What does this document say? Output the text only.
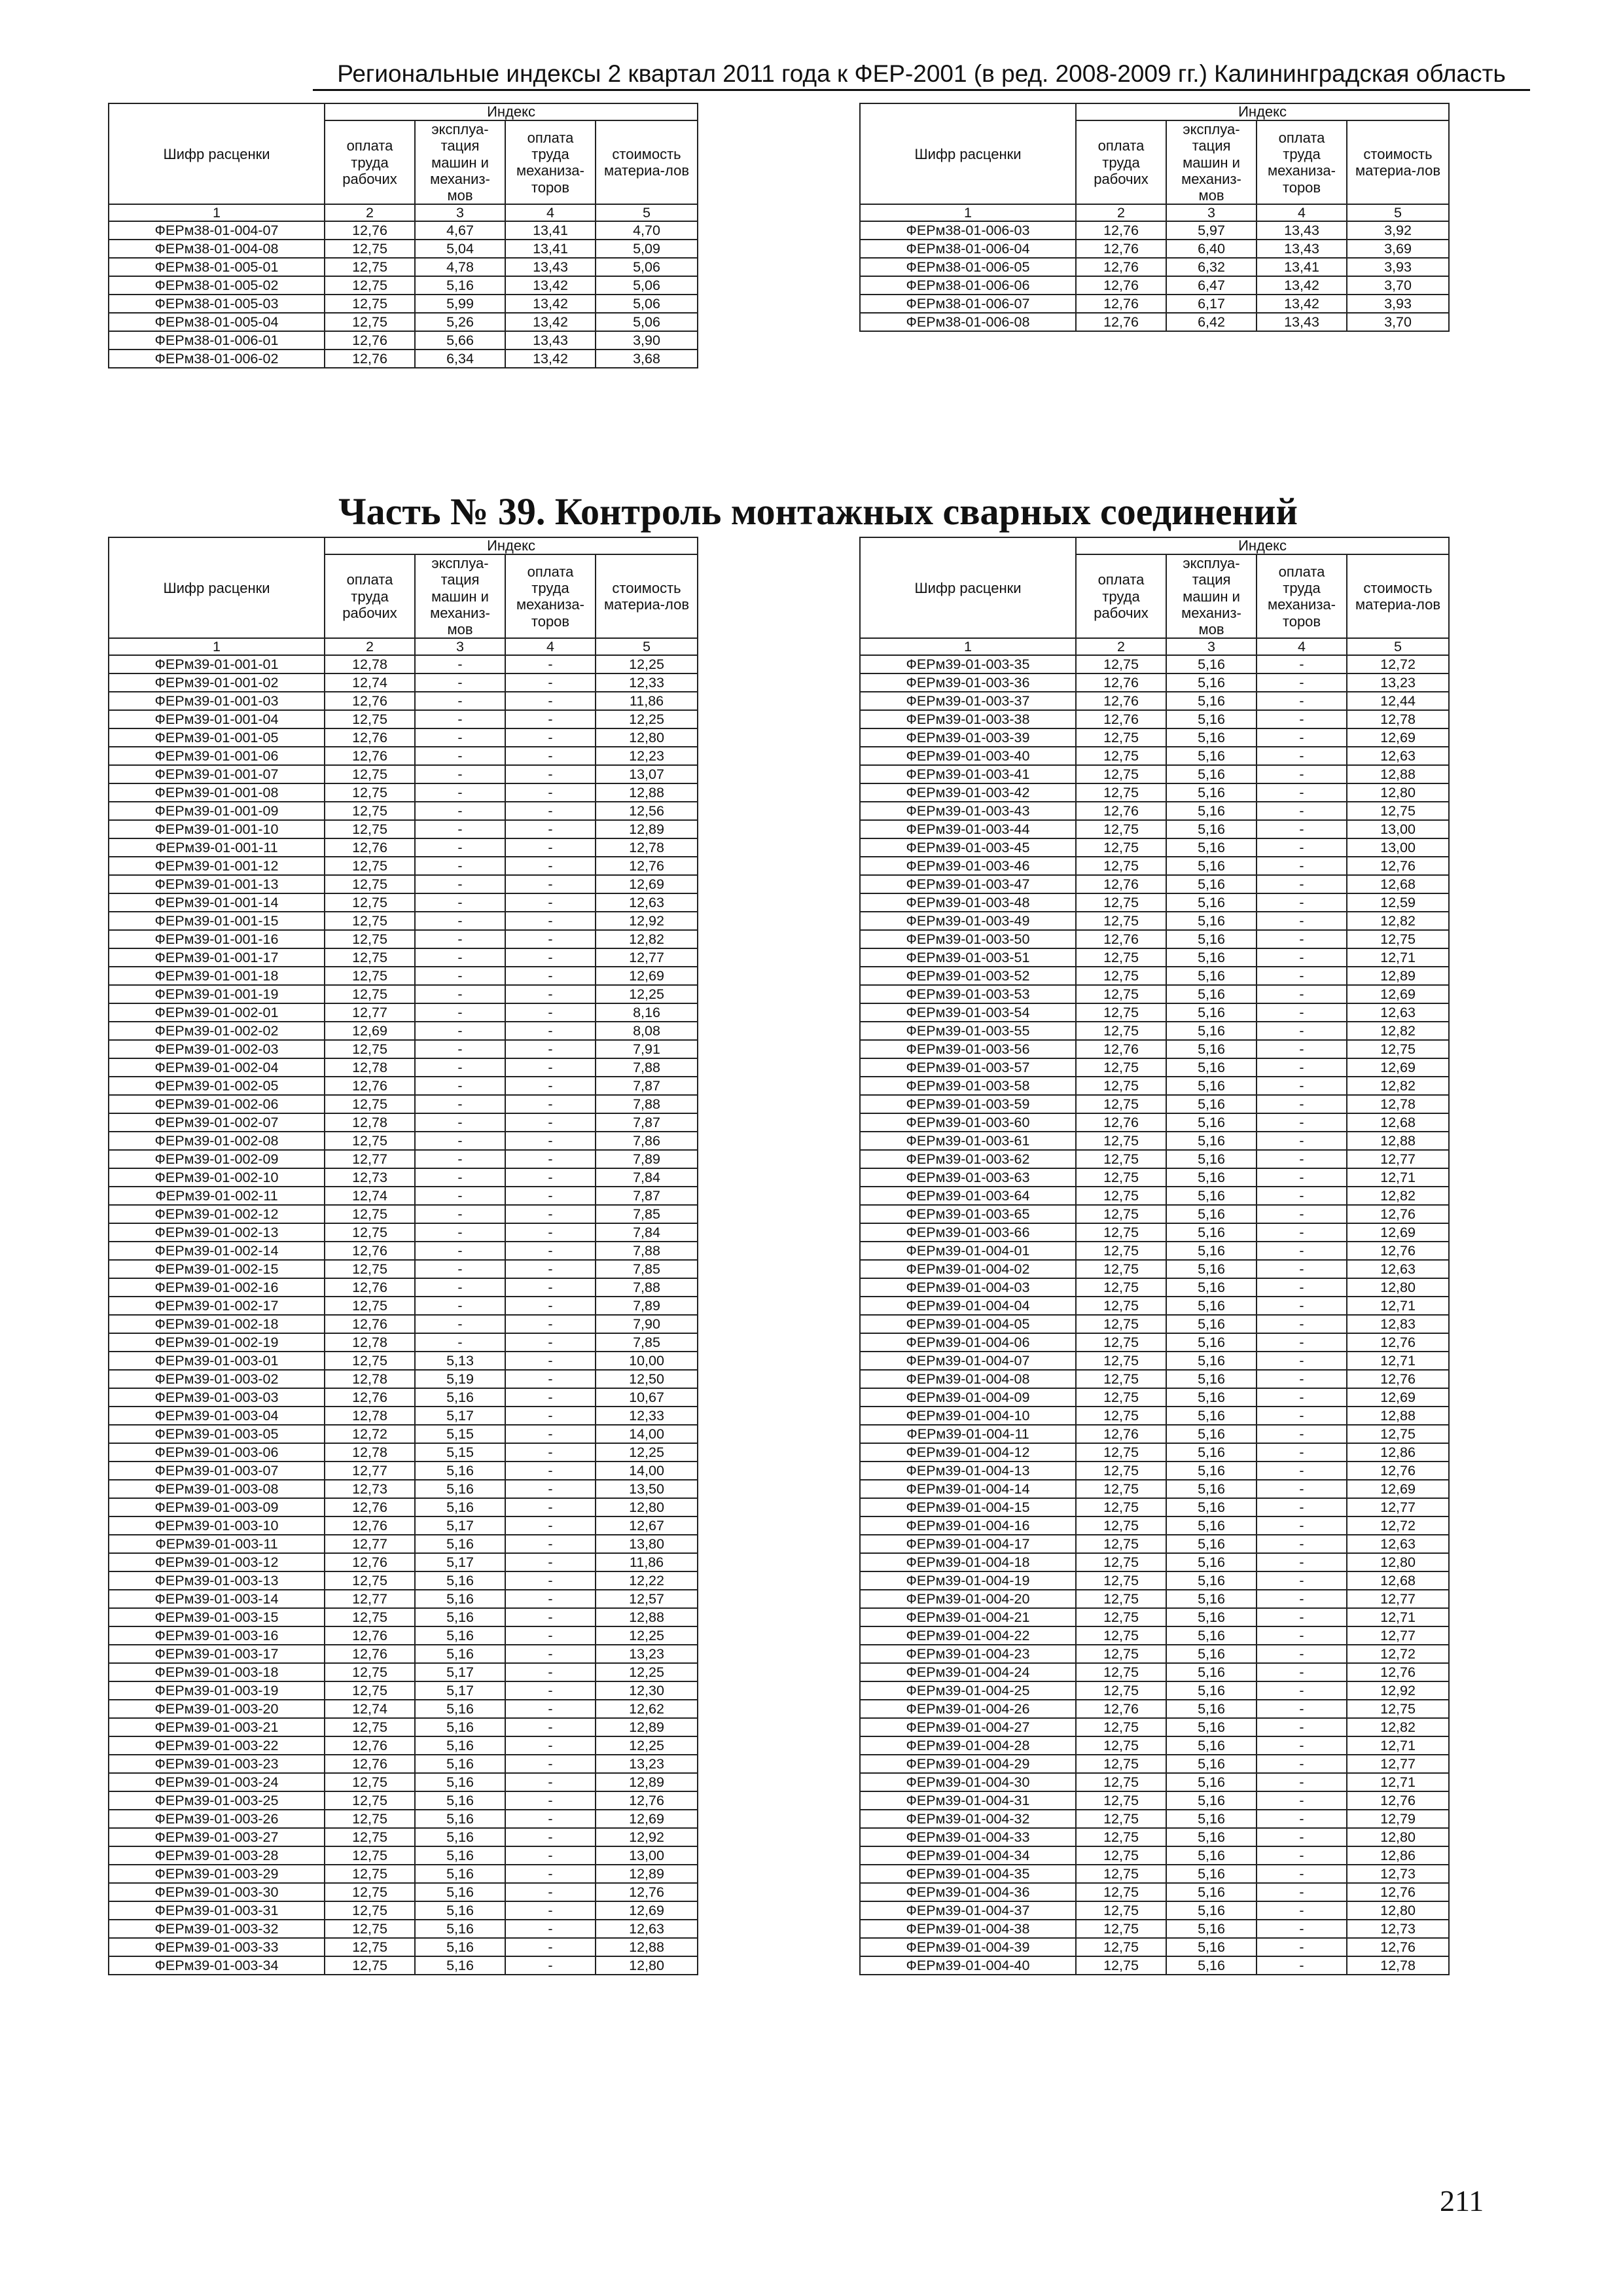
Региональные индексы 2 квартал 2011 года к ФЕР-2001 (в ред. 2008-2009 гг.) Калининградская область
Шифр расценки	Индекс			
	оплата труда рабочих	эксплуа-тация машин и механиз-мов	оплата труда механиза-торов	стоимость материа-лов
1	2	3	4	5
ФЕРм38-01-004-07	12,76	4,67	13,41	4,70
ФЕРм38-01-004-08	12,75	5,04	13,41	5,09
ФЕРм38-01-005-01	12,75	4,78	13,43	5,06
ФЕРм38-01-005-02	12,75	5,16	13,42	5,06
ФЕРм38-01-005-03	12,75	5,99	13,42	5,06
ФЕРм38-01-005-04	12,75	5,26	13,42	5,06
ФЕРм38-01-006-01	12,76	5,66	13,43	3,90
ФЕРм38-01-006-02	12,76	6,34	13,42	3,68
Шифр расценки	Индекс			
	оплата труда рабочих	эксплуа-тация машин и механиз-мов	оплата труда механиза-торов	стоимость материа-лов
1	2	3	4	5
ФЕРм38-01-006-03	12,76	5,97	13,43	3,92
ФЕРм38-01-006-04	12,76	6,40	13,43	3,69
ФЕРм38-01-006-05	12,76	6,32	13,41	3,93
ФЕРм38-01-006-06	12,76	6,47	13,42	3,70
ФЕРм38-01-006-07	12,76	6,17	13,42	3,93
ФЕРм38-01-006-08	12,76	6,42	13,43	3,70
Часть № 39. Контроль монтажных сварных соединений
Шифр расценки	Индекс			
	оплата труда рабочих	эксплуа-тация машин и механиз-мов	оплата труда механиза-торов	стоимость материа-лов
1	2	3	4	5
ФЕРм39-01-001-01	12,78	-	-	12,25
ФЕРм39-01-001-02	12,74	-	-	12,33
ФЕРм39-01-001-03	12,76	-	-	11,86
ФЕРм39-01-001-04	12,75	-	-	12,25
ФЕРм39-01-001-05	12,76	-	-	12,80
ФЕРм39-01-001-06	12,76	-	-	12,23
ФЕРм39-01-001-07	12,75	-	-	13,07
ФЕРм39-01-001-08	12,75	-	-	12,88
ФЕРм39-01-001-09	12,75	-	-	12,56
ФЕРм39-01-001-10	12,75	-	-	12,89
ФЕРм39-01-001-11	12,76	-	-	12,78
ФЕРм39-01-001-12	12,75	-	-	12,76
ФЕРм39-01-001-13	12,75	-	-	12,69
ФЕРм39-01-001-14	12,75	-	-	12,63
ФЕРм39-01-001-15	12,75	-	-	12,92
ФЕРм39-01-001-16	12,75	-	-	12,82
ФЕРм39-01-001-17	12,75	-	-	12,77
ФЕРм39-01-001-18	12,75	-	-	12,69
ФЕРм39-01-001-19	12,75	-	-	12,25
ФЕРм39-01-002-01	12,77	-	-	8,16
ФЕРм39-01-002-02	12,69	-	-	8,08
ФЕРм39-01-002-03	12,75	-	-	7,91
ФЕРм39-01-002-04	12,78	-	-	7,88
ФЕРм39-01-002-05	12,76	-	-	7,87
ФЕРм39-01-002-06	12,75	-	-	7,88
ФЕРм39-01-002-07	12,78	-	-	7,87
ФЕРм39-01-002-08	12,75	-	-	7,86
ФЕРм39-01-002-09	12,77	-	-	7,89
ФЕРм39-01-002-10	12,73	-	-	7,84
ФЕРм39-01-002-11	12,74	-	-	7,87
ФЕРм39-01-002-12	12,75	-	-	7,85
ФЕРм39-01-002-13	12,75	-	-	7,84
ФЕРм39-01-002-14	12,76	-	-	7,88
ФЕРм39-01-002-15	12,75	-	-	7,85
ФЕРм39-01-002-16	12,76	-	-	7,88
ФЕРм39-01-002-17	12,75	-	-	7,89
ФЕРм39-01-002-18	12,76	-	-	7,90
ФЕРм39-01-002-19	12,78	-	-	7,85
ФЕРм39-01-003-01	12,75	5,13	-	10,00
ФЕРм39-01-003-02	12,78	5,19	-	12,50
ФЕРм39-01-003-03	12,76	5,16	-	10,67
ФЕРм39-01-003-04	12,78	5,17	-	12,33
ФЕРм39-01-003-05	12,72	5,15	-	14,00
ФЕРм39-01-003-06	12,78	5,15	-	12,25
ФЕРм39-01-003-07	12,77	5,16	-	14,00
ФЕРм39-01-003-08	12,73	5,16	-	13,50
ФЕРм39-01-003-09	12,76	5,16	-	12,80
ФЕРм39-01-003-10	12,76	5,17	-	12,67
ФЕРм39-01-003-11	12,77	5,16	-	13,80
ФЕРм39-01-003-12	12,76	5,17	-	11,86
ФЕРм39-01-003-13	12,75	5,16	-	12,22
ФЕРм39-01-003-14	12,77	5,16	-	12,57
ФЕРм39-01-003-15	12,75	5,16	-	12,88
ФЕРм39-01-003-16	12,76	5,16	-	12,25
ФЕРм39-01-003-17	12,76	5,16	-	13,23
ФЕРм39-01-003-18	12,75	5,17	-	12,25
ФЕРм39-01-003-19	12,75	5,17	-	12,30
ФЕРм39-01-003-20	12,74	5,16	-	12,62
ФЕРм39-01-003-21	12,75	5,16	-	12,89
ФЕРм39-01-003-22	12,76	5,16	-	12,25
ФЕРм39-01-003-23	12,76	5,16	-	13,23
ФЕРм39-01-003-24	12,75	5,16	-	12,89
ФЕРм39-01-003-25	12,75	5,16	-	12,76
ФЕРм39-01-003-26	12,75	5,16	-	12,69
ФЕРм39-01-003-27	12,75	5,16	-	12,92
ФЕРм39-01-003-28	12,75	5,16	-	13,00
ФЕРм39-01-003-29	12,75	5,16	-	12,89
ФЕРм39-01-003-30	12,75	5,16	-	12,76
ФЕРм39-01-003-31	12,75	5,16	-	12,69
ФЕРм39-01-003-32	12,75	5,16	-	12,63
ФЕРм39-01-003-33	12,75	5,16	-	12,88
ФЕРм39-01-003-34	12,75	5,16	-	12,80
Шифр расценки	Индекс			
	оплата труда рабочих	эксплуа-тация машин и механиз-мов	оплата труда механиза-торов	стоимость материа-лов
1	2	3	4	5
ФЕРм39-01-003-35	12,75	5,16	-	12,72
ФЕРм39-01-003-36	12,76	5,16	-	13,23
ФЕРм39-01-003-37	12,76	5,16	-	12,44
ФЕРм39-01-003-38	12,76	5,16	-	12,78
ФЕРм39-01-003-39	12,75	5,16	-	12,69
ФЕРм39-01-003-40	12,75	5,16	-	12,63
ФЕРм39-01-003-41	12,75	5,16	-	12,88
ФЕРм39-01-003-42	12,75	5,16	-	12,80
ФЕРм39-01-003-43	12,76	5,16	-	12,75
ФЕРм39-01-003-44	12,75	5,16	-	13,00
ФЕРм39-01-003-45	12,75	5,16	-	13,00
ФЕРм39-01-003-46	12,75	5,16	-	12,76
ФЕРм39-01-003-47	12,76	5,16	-	12,68
ФЕРм39-01-003-48	12,75	5,16	-	12,59
ФЕРм39-01-003-49	12,75	5,16	-	12,82
ФЕРм39-01-003-50	12,76	5,16	-	12,75
ФЕРм39-01-003-51	12,75	5,16	-	12,71
ФЕРм39-01-003-52	12,75	5,16	-	12,89
ФЕРм39-01-003-53	12,75	5,16	-	12,69
ФЕРм39-01-003-54	12,75	5,16	-	12,63
ФЕРм39-01-003-55	12,75	5,16	-	12,82
ФЕРм39-01-003-56	12,76	5,16	-	12,75
ФЕРм39-01-003-57	12,75	5,16	-	12,69
ФЕРм39-01-003-58	12,75	5,16	-	12,82
ФЕРм39-01-003-59	12,75	5,16	-	12,78
ФЕРм39-01-003-60	12,76	5,16	-	12,68
ФЕРм39-01-003-61	12,75	5,16	-	12,88
ФЕРм39-01-003-62	12,75	5,16	-	12,77
ФЕРм39-01-003-63	12,75	5,16	-	12,71
ФЕРм39-01-003-64	12,75	5,16	-	12,82
ФЕРм39-01-003-65	12,75	5,16	-	12,76
ФЕРм39-01-003-66	12,75	5,16	-	12,69
ФЕРм39-01-004-01	12,75	5,16	-	12,76
ФЕРм39-01-004-02	12,75	5,16	-	12,63
ФЕРм39-01-004-03	12,75	5,16	-	12,80
ФЕРм39-01-004-04	12,75	5,16	-	12,71
ФЕРм39-01-004-05	12,75	5,16	-	12,83
ФЕРм39-01-004-06	12,75	5,16	-	12,76
ФЕРм39-01-004-07	12,75	5,16	-	12,71
ФЕРм39-01-004-08	12,75	5,16	-	12,76
ФЕРм39-01-004-09	12,75	5,16	-	12,69
ФЕРм39-01-004-10	12,75	5,16	-	12,88
ФЕРм39-01-004-11	12,76	5,16	-	12,75
ФЕРм39-01-004-12	12,75	5,16	-	12,86
ФЕРм39-01-004-13	12,75	5,16	-	12,76
ФЕРм39-01-004-14	12,75	5,16	-	12,69
ФЕРм39-01-004-15	12,75	5,16	-	12,77
ФЕРм39-01-004-16	12,75	5,16	-	12,72
ФЕРм39-01-004-17	12,75	5,16	-	12,63
ФЕРм39-01-004-18	12,75	5,16	-	12,80
ФЕРм39-01-004-19	12,75	5,16	-	12,68
ФЕРм39-01-004-20	12,75	5,16	-	12,77
ФЕРм39-01-004-21	12,75	5,16	-	12,71
ФЕРм39-01-004-22	12,75	5,16	-	12,77
ФЕРм39-01-004-23	12,75	5,16	-	12,72
ФЕРм39-01-004-24	12,75	5,16	-	12,76
ФЕРм39-01-004-25	12,75	5,16	-	12,92
ФЕРм39-01-004-26	12,76	5,16	-	12,75
ФЕРм39-01-004-27	12,75	5,16	-	12,82
ФЕРм39-01-004-28	12,75	5,16	-	12,71
ФЕРм39-01-004-29	12,75	5,16	-	12,77
ФЕРм39-01-004-30	12,75	5,16	-	12,71
ФЕРм39-01-004-31	12,75	5,16	-	12,76
ФЕРм39-01-004-32	12,75	5,16	-	12,79
ФЕРм39-01-004-33	12,75	5,16	-	12,80
ФЕРм39-01-004-34	12,75	5,16	-	12,86
ФЕРм39-01-004-35	12,75	5,16	-	12,73
ФЕРм39-01-004-36	12,75	5,16	-	12,76
ФЕРм39-01-004-37	12,75	5,16	-	12,80
ФЕРм39-01-004-38	12,75	5,16	-	12,73
ФЕРм39-01-004-39	12,75	5,16	-	12,76
ФЕРм39-01-004-40	12,75	5,16	-	12,78
211
